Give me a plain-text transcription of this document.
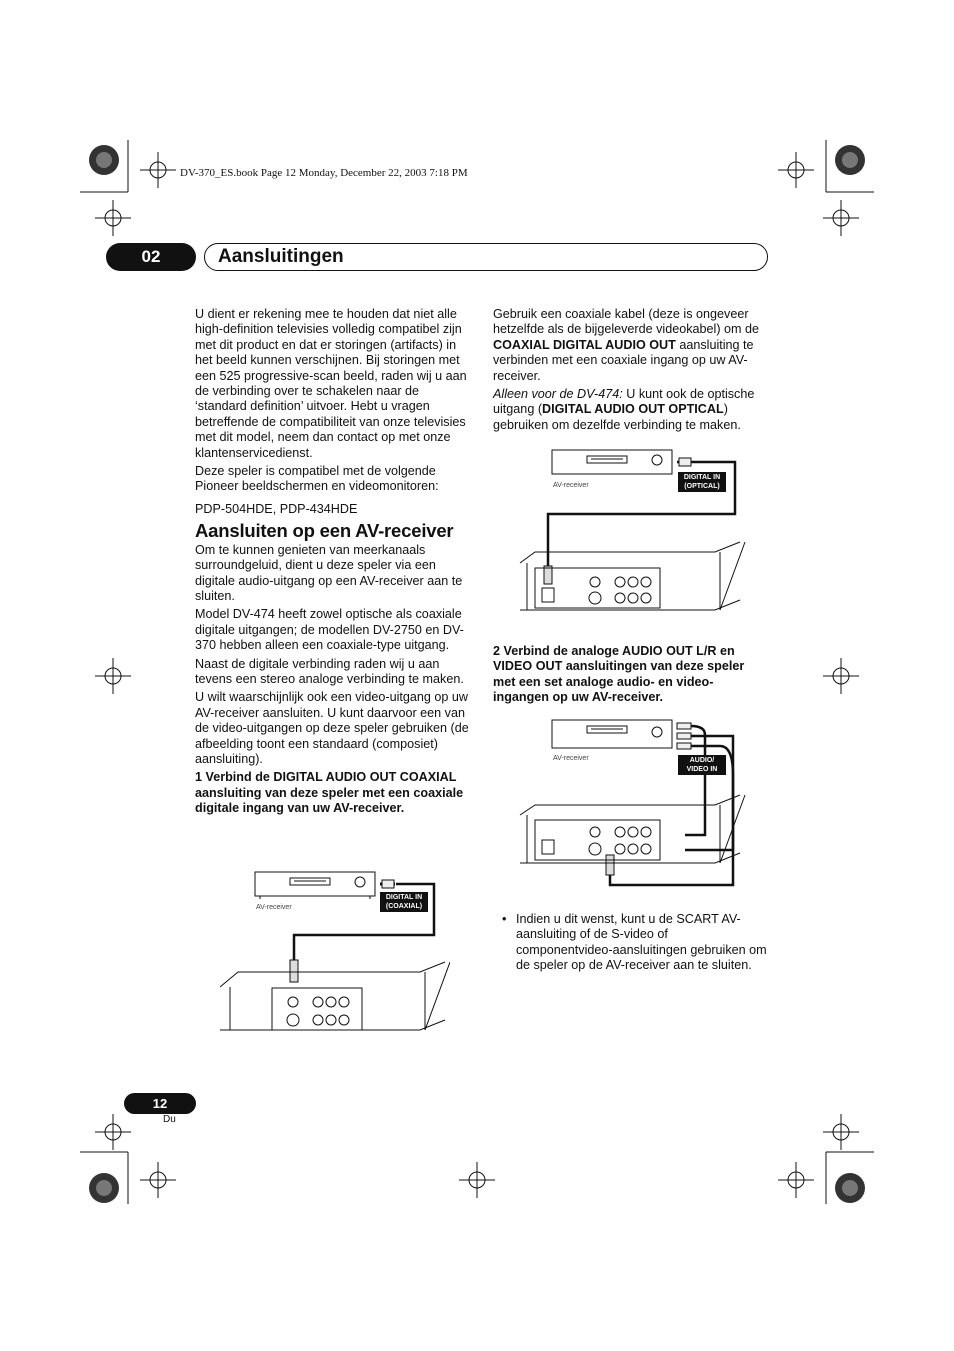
DV-370_ES.book Page 12 Monday, December 22, 2003 7:18 PM
02	Aansluitingen

U dient er rekening mee te houden dat niet alle high-definition televisies volledig compatibel zijn met dit product en dat er storingen (artifacts) in het beeld kunnen verschijnen. Bij storingen met een 525 progressive-scan beeld, raden wij u aan de verbinding over te schakelen naar de ‘standard definition’ uitvoer. Hebt u vragen betreffende de compatibiliteit van onze televisies met dit model, neem dan contact op met onze klantenservicedienst.

Deze speler is compatibel met de volgende Pioneer beeldschermen en videomonitoren:

PDP-504HDE, PDP-434HDE

Aansluiten op een AV-receiver

Om te kunnen genieten van meerkanaals surroundgeluid, dient u deze speler via een digitale audio-uitgang op een AV-receiver aan te sluiten.

Model DV-474 heeft zowel optische als coaxiale digitale uitgangen; de modellen DV-2750 en DV-370 hebben alleen een coaxiale-type uitgang.

Naast de digitale verbinding raden wij u aan tevens een stereo analoge verbinding te maken.

U wilt waarschijnlijk ook een video-uitgang op uw AV-receiver aansluiten. U kunt daarvoor een van de video-uitgangen op deze speler gebruiken (de afbeelding toont een standaard (composiet) aansluiting).

1 Verbind de DIGITAL AUDIO OUT COAXIAL aansluiting van deze speler met een coaxiale digitale ingang van uw AV-receiver.

Gebruik een coaxiale kabel (deze is ongeveer hetzelfde als de bijgeleverde videokabel) om de COAXIAL DIGITAL AUDIO OUT aansluiting te verbinden met een coaxiale ingang op uw AV-receiver.

Alleen voor de DV-474: U kunt ook de optische uitgang (DIGITAL AUDIO OUT OPTICAL) gebruiken om dezelfde verbinding te maken.

2 Verbind de analoge AUDIO OUT L/R en VIDEO OUT aansluitingen van deze speler met een set analoge audio- en video-ingangen op uw AV-receiver.
• Indien u dit wenst, kunt u de SCART AV-aansluiting of de S-video of componentvideo-aansluitingen gebruiken om de speler op de AV-receiver aan te sluiten.
AV-receiver
DIGITAL IN
(COAXIAL)
AV-receiver
DIGITAL IN
(OPTICAL)
AV-receiver	AUDIO/
VIDEO IN
12
Du
